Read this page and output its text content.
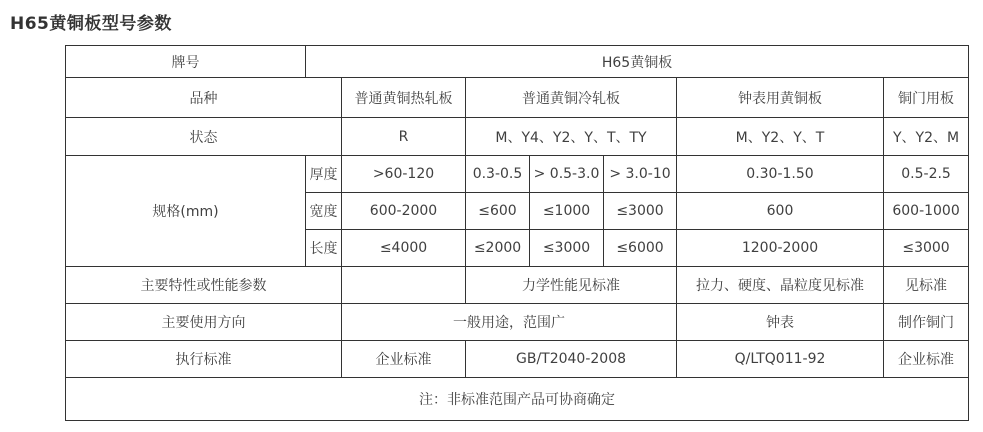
H65黄铜板型号参数
牌号	H65黄铜板						
品种		普通黄铜热轧板	普通黄铜冷轧板			钟表用黄铜板	铜门用板
状态		R	M、Y4、Y2、Y、T、TY			M、Y2、Y、T	Y、Y2、M
规格(mm)	厚度	>60-120	0.3-0.5	> 0.5-3.0	> 3.0-10	0.30-1.50	0.5-2.5
	宽度	600-2000	≤600	≤1000	≤3000	600	600-1000
	长度	≤4000	≤2000	≤3000	≤6000	1200-2000	≤3000
主要特性或性能参数			力学性能见标准			拉力、硬度、晶粒度见标准	见标准
主要使用方向		一般用途，范围广				钟表	制作铜门
执行标准		企业标准	GB/T2040-2008			Q/LTQ011-92	企业标准
注：非标准范围产品可协商确定							
